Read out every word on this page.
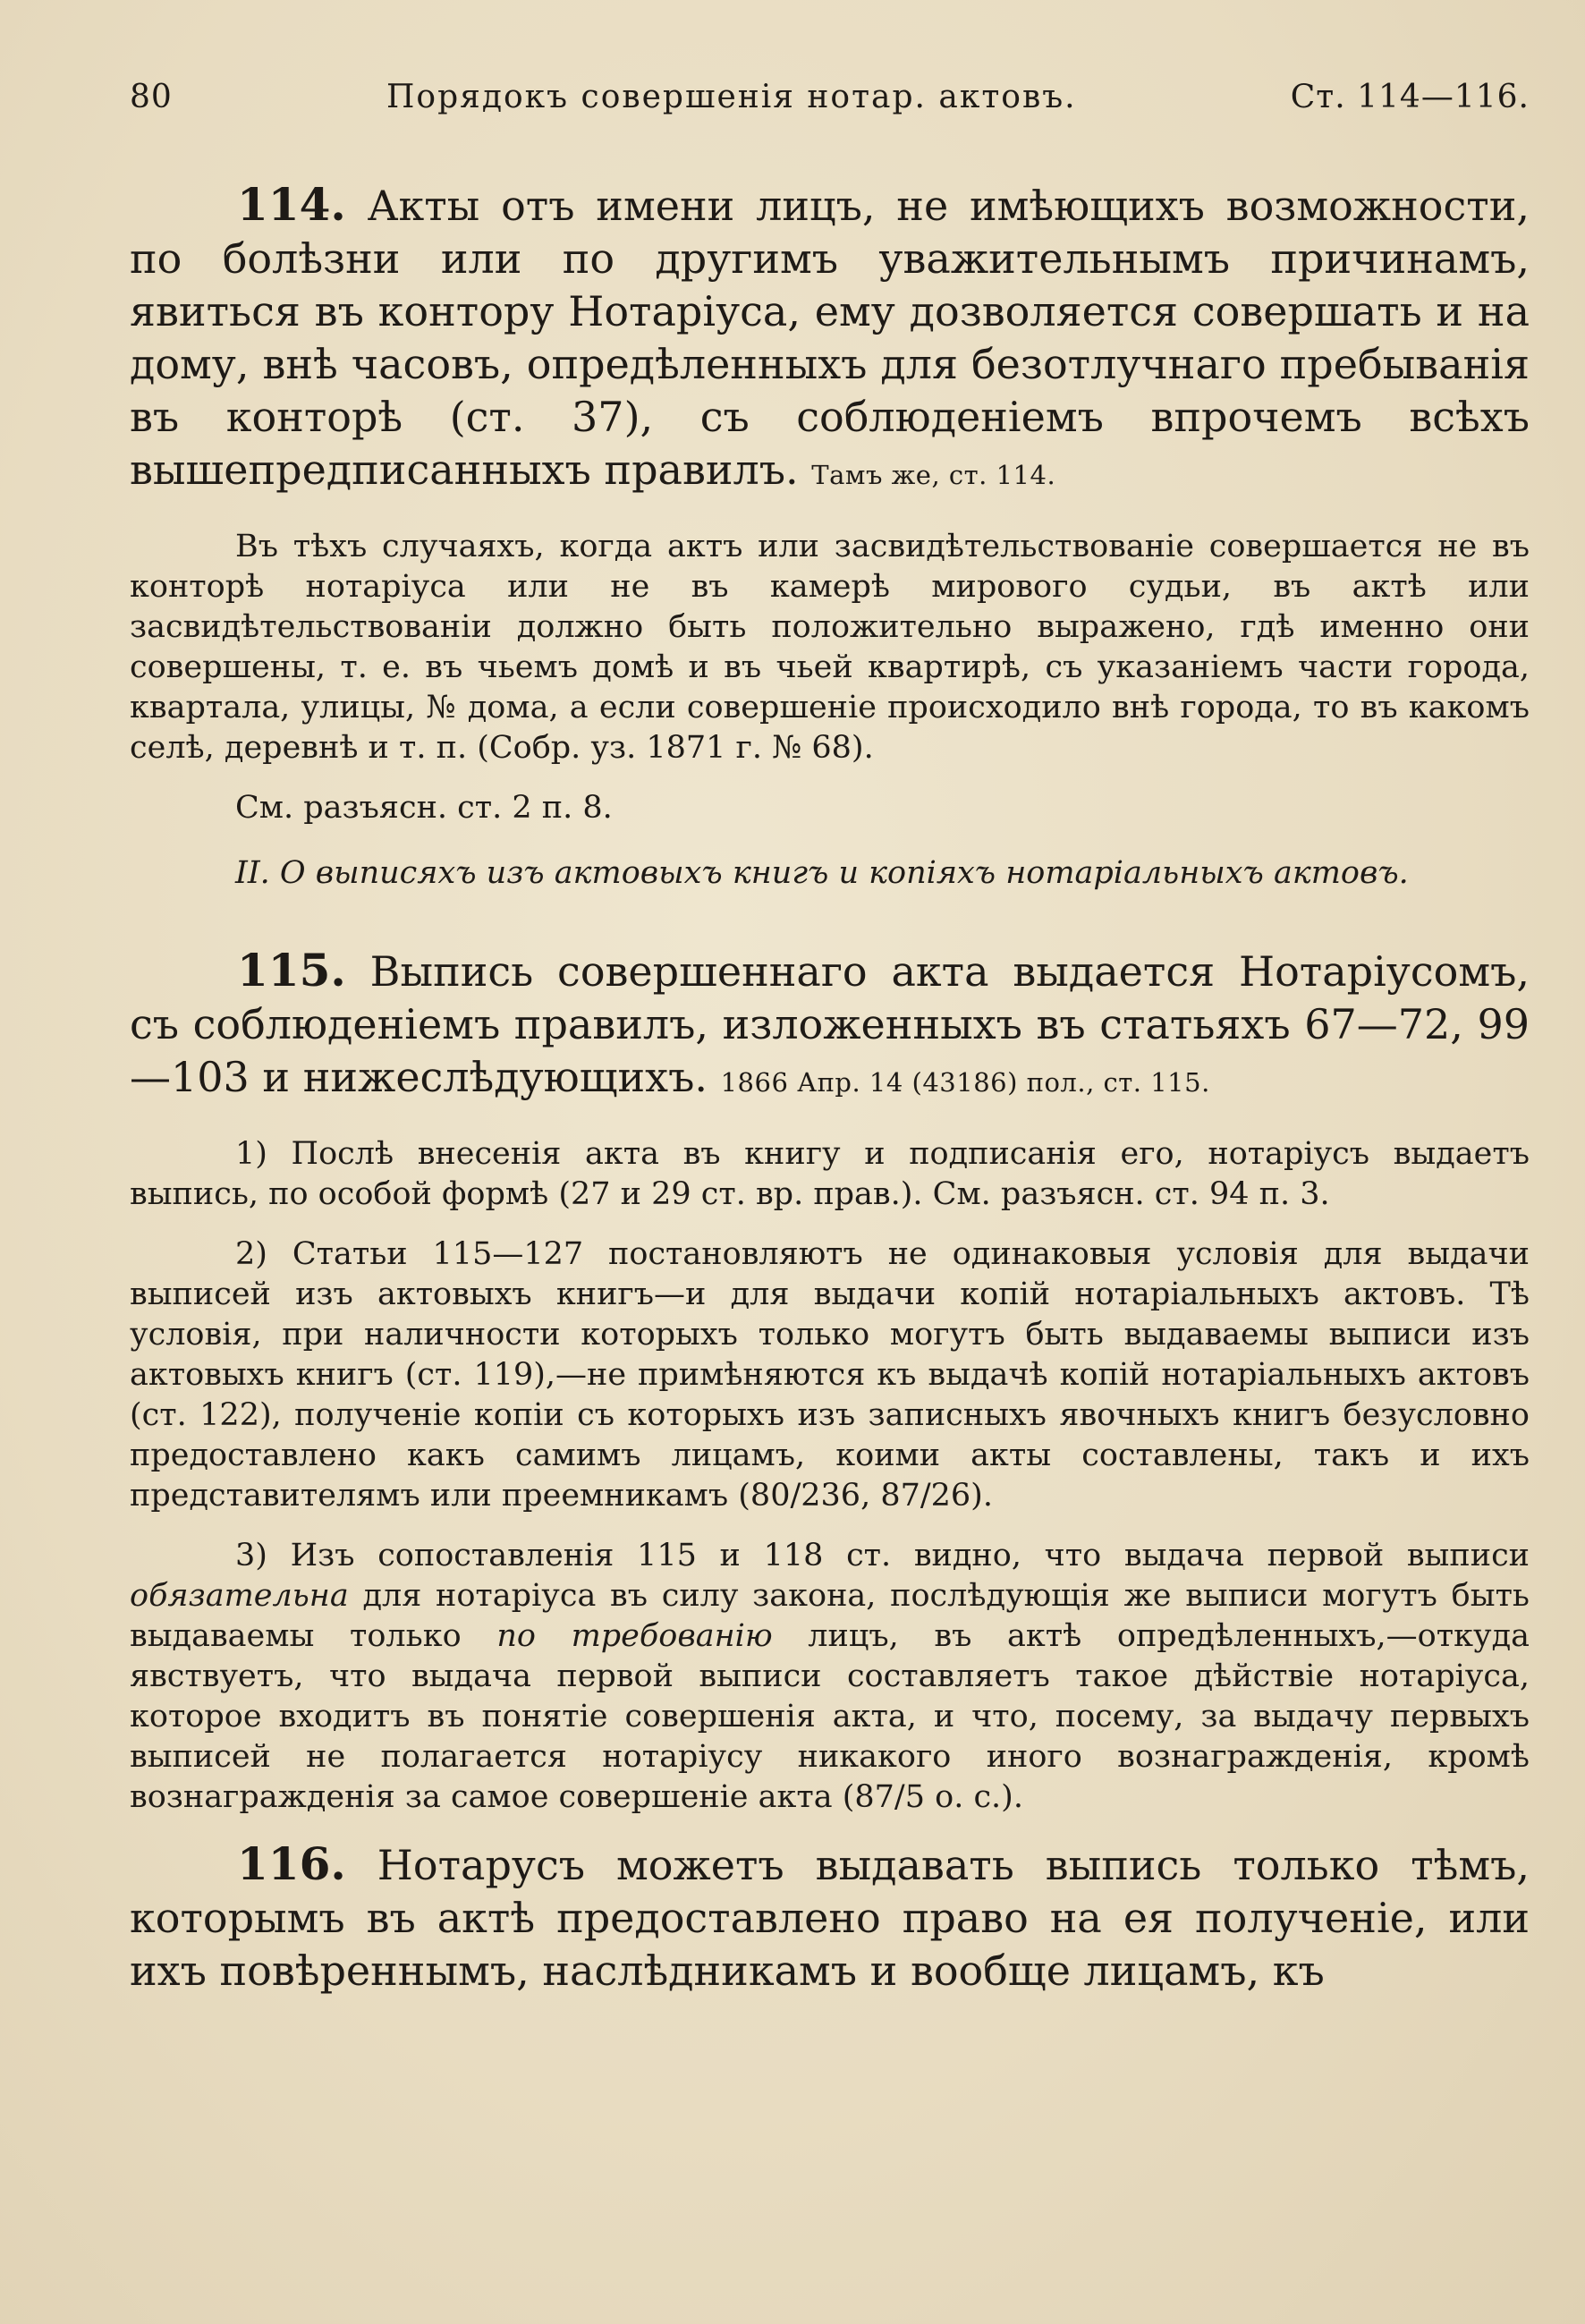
80	Порядокъ совершенія нотар. актовъ.	Ст. 114—116.

114. Акты отъ имени лицъ, не имѣющихъ возможности, по болѣзни или по другимъ уважительнымъ причинамъ, явиться въ контору Нотаріуса, ему дозволяется совершать и на дому, внѣ часовъ, опредѣленныхъ для безотлучнаго пребыванія въ конторѣ (ст. 37), съ соблюденіемъ впрочемъ всѣхъ вышепредписанныхъ правилъ. Тамъ же, ст. 114.

Въ тѣхъ случаяхъ, когда актъ или засвидѣтельствованіе совершается не въ конторѣ нотаріуса или не въ камерѣ мирового судьи, въ актѣ или засвидѣтельствованіи должно быть положительно выражено, гдѣ именно они совершены, т. е. въ чьемъ домѣ и въ чьей квартирѣ, съ указаніемъ части города, квартала, улицы, № дома, а если совершеніе происходило внѣ города, то въ какомъ селѣ, деревнѣ и т. п. (Собр. уз. 1871 г. № 68).

См. разъясн. ст. 2 п. 8.

II. О выписяхъ изъ актовыхъ книгъ и копіяхъ нотаріальныхъ актовъ.

115. Выпись совершеннаго акта выдается Нотаріусомъ, съ соблюденіемъ правилъ, изложенныхъ въ статьяхъ 67—72, 99—103 и нижеслѣдующихъ. 1866 Апр. 14 (43186) пол., ст. 115.

1) Послѣ внесенія акта въ книгу и подписанія его, нотаріусъ выдаетъ выпись, по особой формѣ (27 и 29 ст. вр. прав.). См. разъясн. ст. 94 п. 3.

2) Статьи 115—127 постановляютъ не одинаковыя условія для выдачи выписей изъ актовыхъ книгъ—и для выдачи копій нотаріальныхъ актовъ. Тѣ условія, при наличности которыхъ только могутъ быть выдаваемы выписи изъ актовыхъ книгъ (ст. 119),—не примѣняются къ выдачѣ копій нотаріальныхъ актовъ (ст. 122), полученіе копіи съ которыхъ изъ записныхъ явочныхъ книгъ безусловно предоставлено какъ самимъ лицамъ, коими акты составлены, такъ и ихъ представителямъ или преемникамъ (80/236, 87/26).

3) Изъ сопоставленія 115 и 118 ст. видно, что выдача первой выписи обязательна для нотаріуса въ силу закона, послѣдующія же выписи могутъ быть выдаваемы только по требованію лицъ, въ актѣ опредѣленныхъ,—откуда явствуетъ, что выдача первой выписи составляетъ такое дѣйствіе нотаріуса, которое входитъ въ понятіе совершенія акта, и что, посему, за выдачу первыхъ выписей не полагается нотаріусу никакого иного вознагражденія, кромѣ вознагражденія за самое совершеніе акта (87/5 о. с.).

116. Нотарусъ можетъ выдавать выпись только тѣмъ, которымъ въ актѣ предоставлено право на ея полученіе, или ихъ повѣреннымъ, наслѣдникамъ и вообще лицамъ, къ
